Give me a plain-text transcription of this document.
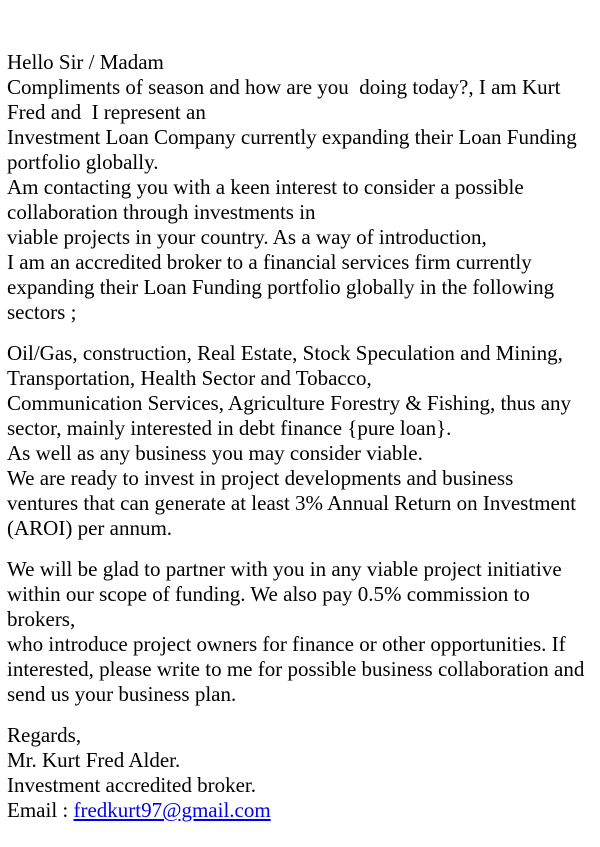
Hello Sir / Madam
Compliments of season and how are you  doing today?, I am Kurt
Fred and  I represent an
Investment Loan Company currently expanding their Loan Funding
portfolio globally.
Am contacting you with a keen interest to consider a possible
collaboration through investments in
viable projects in your country. As a way of introduction,
I am an accredited broker to a financial services firm currently
expanding their Loan Funding portfolio globally in the following
sectors ;
Oil/Gas, construction, Real Estate, Stock Speculation and Mining,
Transportation, Health Sector and Tobacco,
Communication Services, Agriculture Forestry & Fishing, thus any
sector, mainly interested in debt finance {pure loan}.
As well as any business you may consider viable.
We are ready to invest in project developments and business
ventures that can generate at least 3% Annual Return on Investment
(AROI) per annum.
We will be glad to partner with you in any viable project initiative
within our scope of funding. We also pay 0.5% commission to
brokers,
who introduce project owners for finance or other opportunities. If
interested, please write to me for possible business collaboration and
send us your business plan.
Regards,
Mr. Kurt Fred Alder.
Investment accredited broker.
Email : fredkurt97@gmail.com
